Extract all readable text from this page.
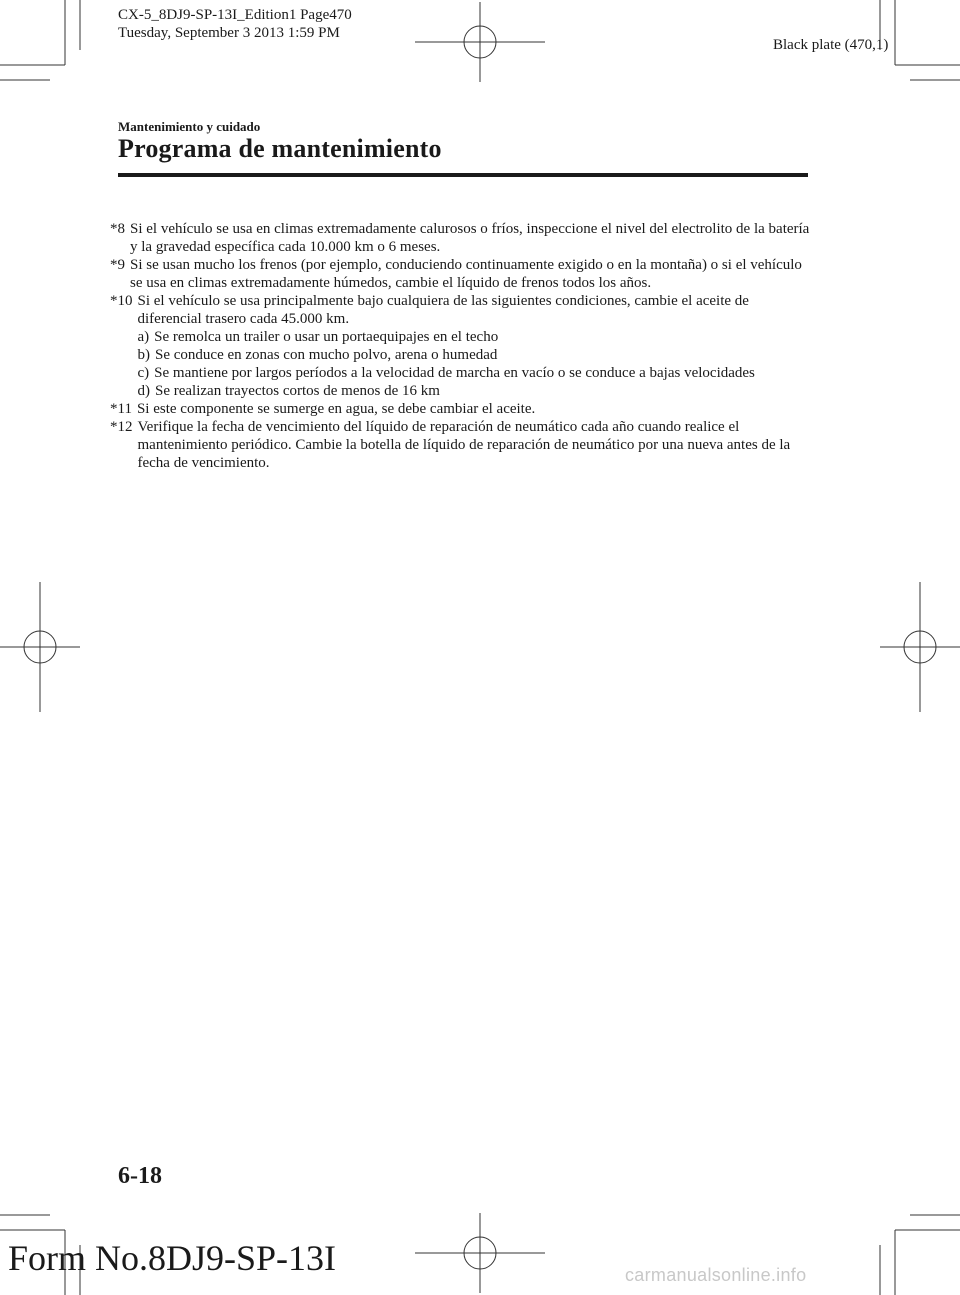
CX-5_8DJ9-SP-13I_Edition1 Page470
Tuesday, September 3 2013 1:59 PM
Black plate (470,1)
Mantenimiento y cuidado
Programa de mantenimiento
*8 Si el vehículo se usa en climas extremadamente calurosos o fríos, inspeccione el nivel del electrolito de la batería y la gravedad específica cada 10.000 km o 6 meses.
*9 Si se usan mucho los frenos (por ejemplo, conduciendo continuamente exigido o en la montaña) o si el vehículo se usa en climas extremadamente húmedos, cambie el líquido de frenos todos los años.
*10 Si el vehículo se usa principalmente bajo cualquiera de las siguientes condiciones, cambie el aceite de diferencial trasero cada 45.000 km.
a) Se remolca un trailer o usar un portaequipajes en el techo
b) Se conduce en zonas con mucho polvo, arena o humedad
c) Se mantiene por largos períodos a la velocidad de marcha en vacío o se conduce a bajas velocidades
d) Se realizan trayectos cortos de menos de 16 km
*11 Si este componente se sumerge en agua, se debe cambiar el aceite.
*12 Verifique la fecha de vencimiento del líquido de reparación de neumático cada año cuando realice el mantenimiento periódico. Cambie la botella de líquido de reparación de neumático por una nueva antes de la fecha de vencimiento.
6-18
Form No.8DJ9-SP-13I	carmanualsonline.info
